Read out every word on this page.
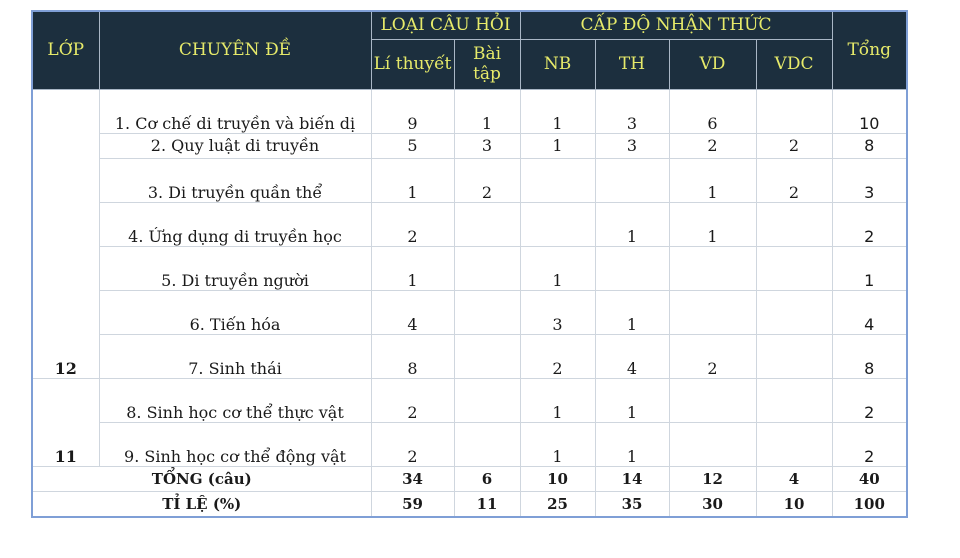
LỚP	CHUYÊN ĐỀ	LOẠI CÂU HỎI		CẤP ĐỘ NHẬN THỨC				Tổng
		Lí thuyết	Bài tập	NB	TH	VD	VDC	
12	1. Cơ chế di truyền và biến dị	9	1	1	3	6		10
	2. Quy luật di truyền	5	3	1	3	2	2	8
	3. Di truyền quần thể	1	2			1	2	3
	4. Ứng dụng di truyền học	2			1	1		2
	5. Di truyền người	1		1				1
	6. Tiến hóa	4		3	1			4
	7. Sinh thái	8		2	4	2		8
11	8. Sinh học cơ thể thực vật	2		1	1			2
	9. Sinh học cơ thể động vật	2		1	1			2
TỔNG (câu)		34	6	10	14	12	4	40
TỈ LỆ (%)		59	11	25	35	30	10	100
